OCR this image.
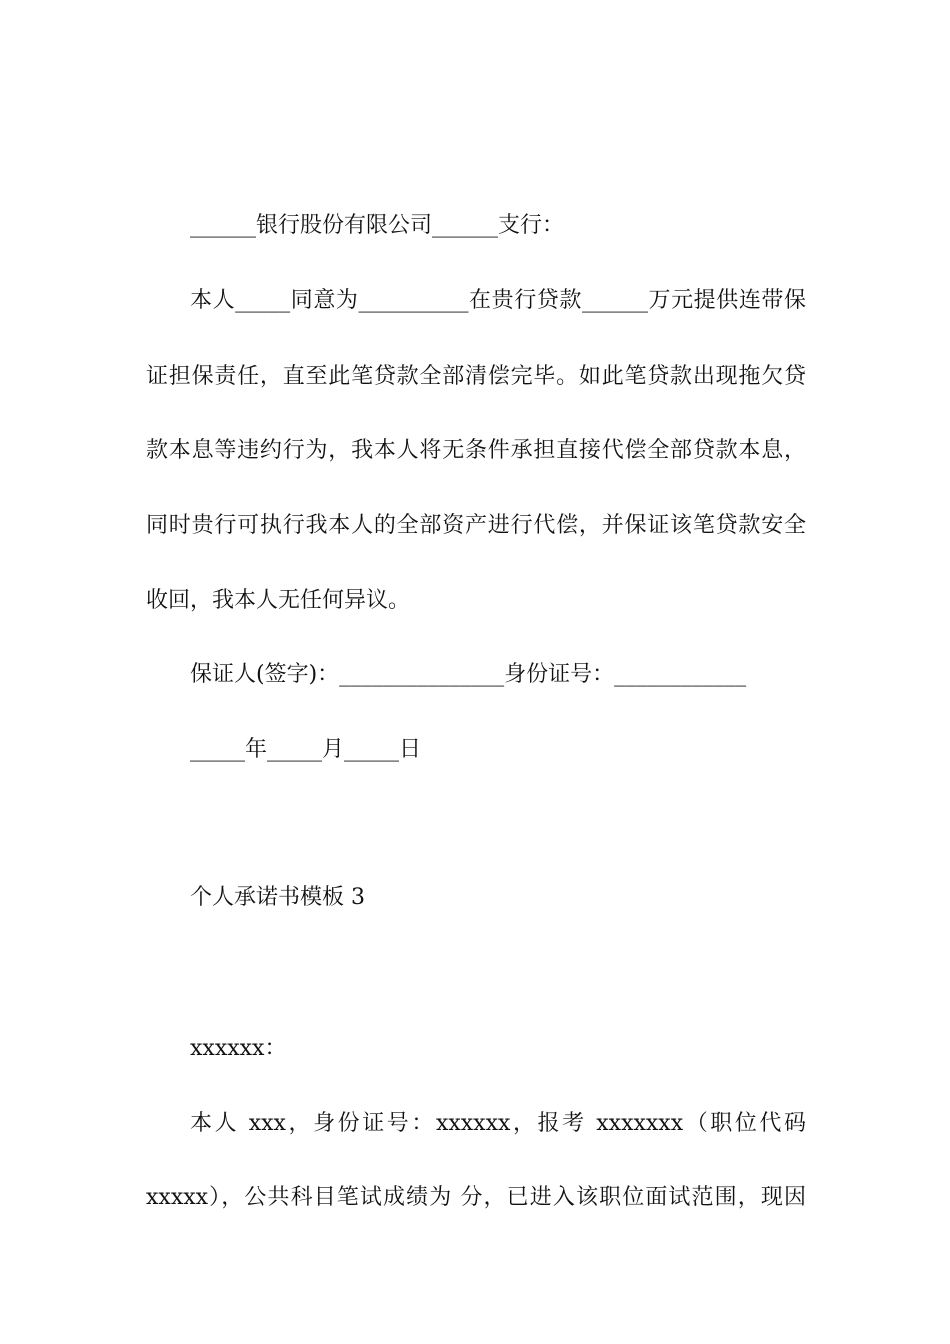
______银行股份有限公司______支行：
本人_____同意为__________在贵行贷款______万元提供连带保
证担保责任，直至此笔贷款全部清偿完毕。如此笔贷款出现拖欠贷
款本息等违约行为，我本人将无条件承担直接代偿全部贷款本息，
同时贵行可执行我本人的全部资产进行代偿，并保证该笔贷款安全
收回，我本人无任何异议。
保证人(签字)：_______________身份证号：____________
_____年_____月_____日
个人承诺书模板 3
xxxxxx：
本人 xxx，身份证号：xxxxxx，报考 xxxxxxx（职位代码
xxxxx），公共科目笔试成绩为 分，已进入该职位面试范围，现因
